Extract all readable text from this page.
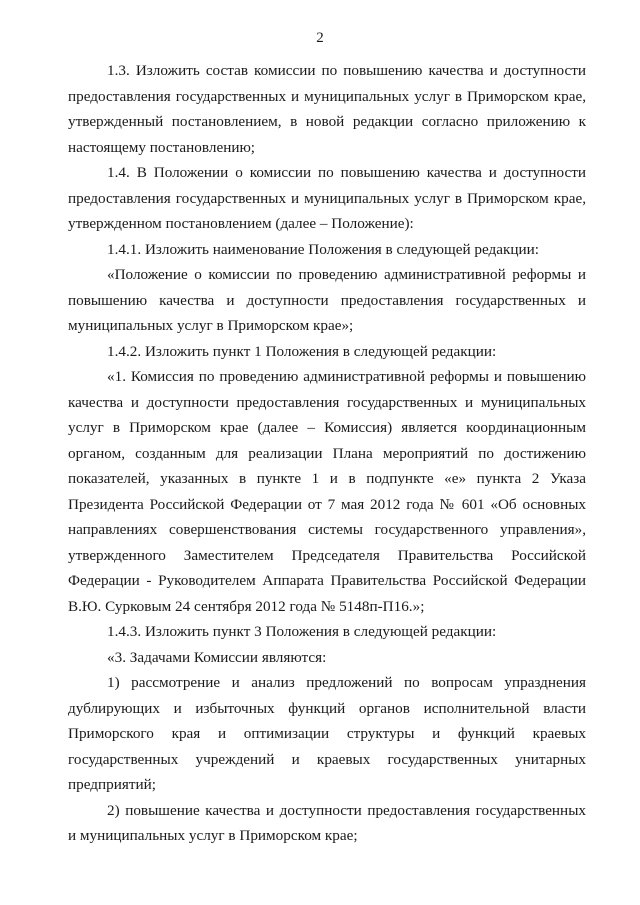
2

1.3. Изложить состав комиссии по повышению качества и доступности предоставления государственных и муниципальных услуг в Приморском крае, утвержденный постановлением, в новой редакции согласно приложению к настоящему постановлению;

1.4. В Положении о комиссии по повышению качества и доступности предоставления государственных и муниципальных услуг в Приморском крае, утвержденном постановлением (далее – Положение):

1.4.1. Изложить наименование Положения в следующей редакции:

«Положение о комиссии по проведению административной реформы и повышению качества и доступности предоставления государственных и муниципальных услуг в Приморском крае»;

1.4.2. Изложить пункт 1 Положения в следующей редакции:

«1. Комиссия по проведению административной реформы и повышению качества и доступности предоставления государственных и муниципальных услуг в Приморском крае (далее – Комиссия) является координационным органом, созданным для реализации Плана мероприятий по достижению показателей, указанных в пункте 1 и в подпункте «е» пункта 2 Указа Президента Российской Федерации от 7 мая 2012 года № 601 «Об основных направлениях совершенствования системы государственного управления», утвержденного Заместителем Председателя Правительства Российской Федерации - Руководителем Аппарата Правительства Российской Федерации В.Ю. Сурковым 24 сентября 2012 года № 5148п-П16.»;

1.4.3. Изложить пункт 3 Положения в следующей редакции:

«3. Задачами Комиссии являются:

1) рассмотрение и анализ предложений по вопросам упразднения дублирующих и избыточных функций органов исполнительной власти Приморского края и оптимизации структуры и функций краевых государственных учреждений и краевых государственных унитарных предприятий;

2) повышение качества и доступности предоставления государственных и муниципальных услуг в Приморском крае;
